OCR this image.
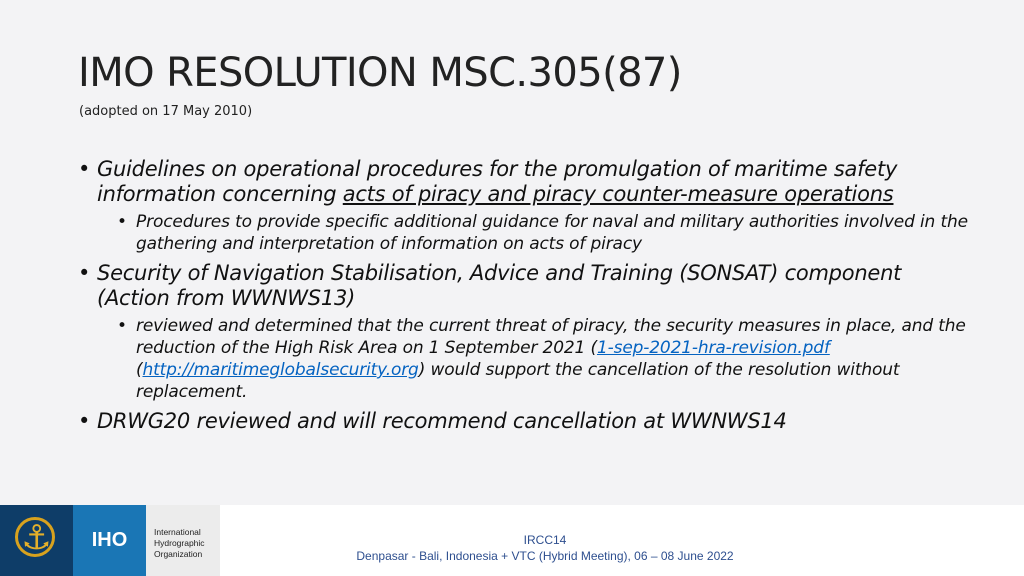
IMO RESOLUTION MSC.305(87)
(adopted on 17 May 2010)
• Guidelines on operational procedures for the promulgation of maritime safety information concerning acts of piracy and piracy counter-measure operations
• Procedures to provide specific additional guidance for naval and military authorities involved in the gathering and interpretation of information on acts of piracy
• Security of Navigation Stabilisation, Advice and Training (SONSAT) component (Action from WWNWS13)
• reviewed and determined that the current threat of piracy, the security measures in place, and the reduction of the High Risk Area on 1 September 2021 (1-sep-2021-hra-revision.pdf (http://maritimeglobalsecurity.org) would support the cancellation of the resolution without replacement.
• DRWG20 reviewed and will recommend cancellation at WWNWS14
⚓	IHO	International
Hydrographic
Organization
IRCC14
Denpasar - Bali, Indonesia + VTC (Hybrid Meeting), 06 – 08 June 2022
